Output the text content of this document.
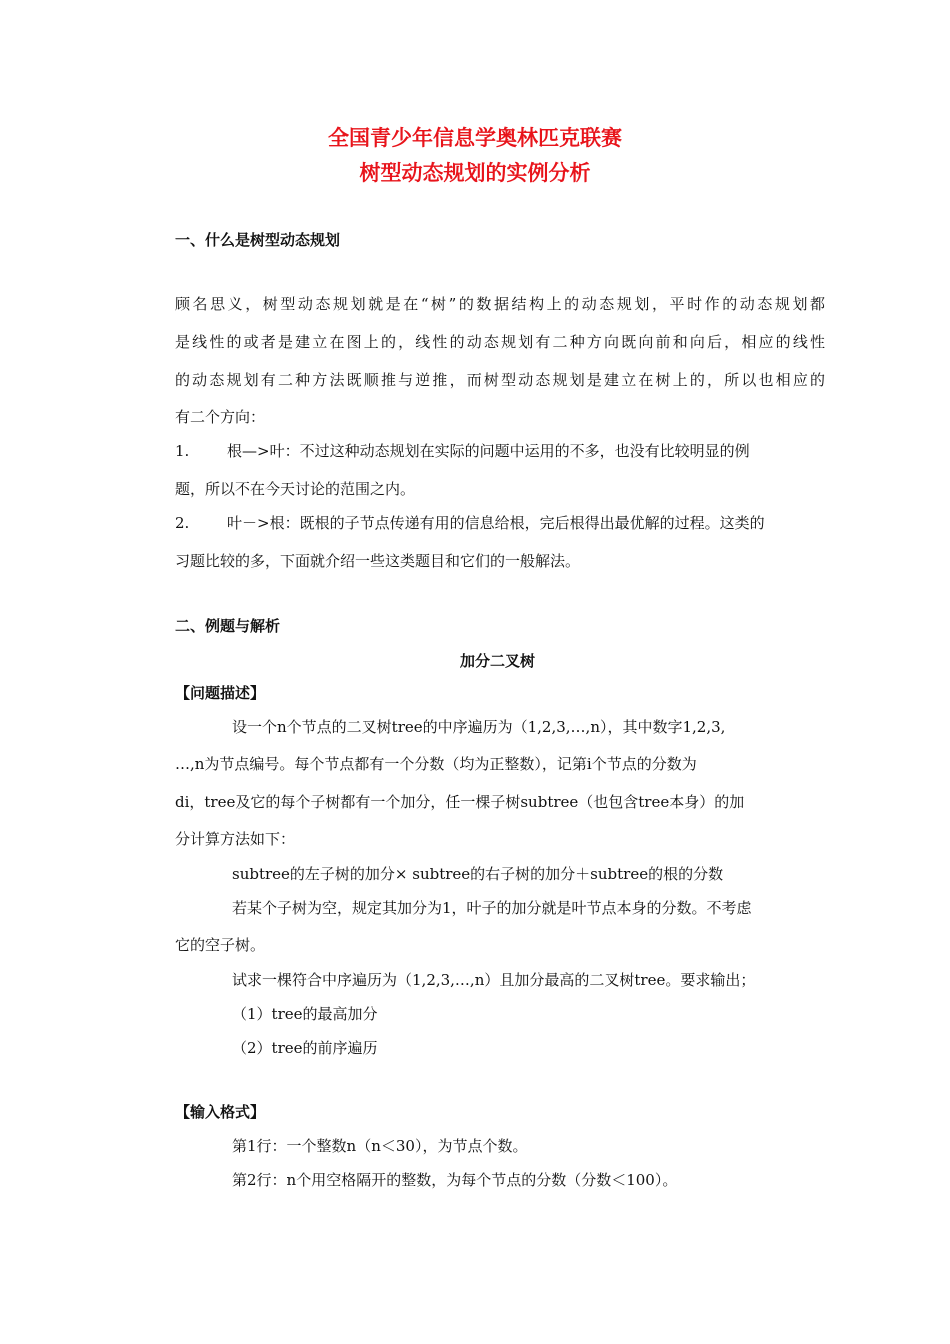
全国青少年信息学奥林匹克联赛
树型动态规划的实例分析
一、什么是树型动态规划
顾名思义，树型动态规划就是在“树”的数据结构上的动态规划，平时作的动态规划都
是线性的或者是建立在图上的，线性的动态规划有二种方向既向前和向后，相应的线性
的动态规划有二种方法既顺推与逆推，而树型动态规划是建立在树上的，所以也相应的
有二个方向：
1.	根—>叶：不过这种动态规划在实际的问题中运用的不多，也没有比较明显的例
题，所以不在今天讨论的范围之内。
2.	叶－>根：既根的子节点传递有用的信息给根，完后根得出最优解的过程。这类的
习题比较的多，下面就介绍一些这类题目和它们的一般解法。
二、例题与解析
加分二叉树
【问题描述】
设一个n个节点的二叉树tree的中序遍历为（1,2,3,…,n），其中数字1,2,3,
…,n为节点编号。每个节点都有一个分数（均为正整数），记第i个节点的分数为
di，tree及它的每个子树都有一个加分，任一棵子树subtree（也包含tree本身）的加
分计算方法如下：
subtree的左子树的加分× subtree的右子树的加分＋subtree的根的分数
若某个子树为空，规定其加分为1，叶子的加分就是叶节点本身的分数。不考虑
它的空子树。
试求一棵符合中序遍历为（1,2,3,…,n）且加分最高的二叉树tree。要求输出；
（1）tree的最高加分
（2）tree的前序遍历
【输入格式】
第1行：一个整数n（n＜30），为节点个数。
第2行：n个用空格隔开的整数，为每个节点的分数（分数＜100）。
